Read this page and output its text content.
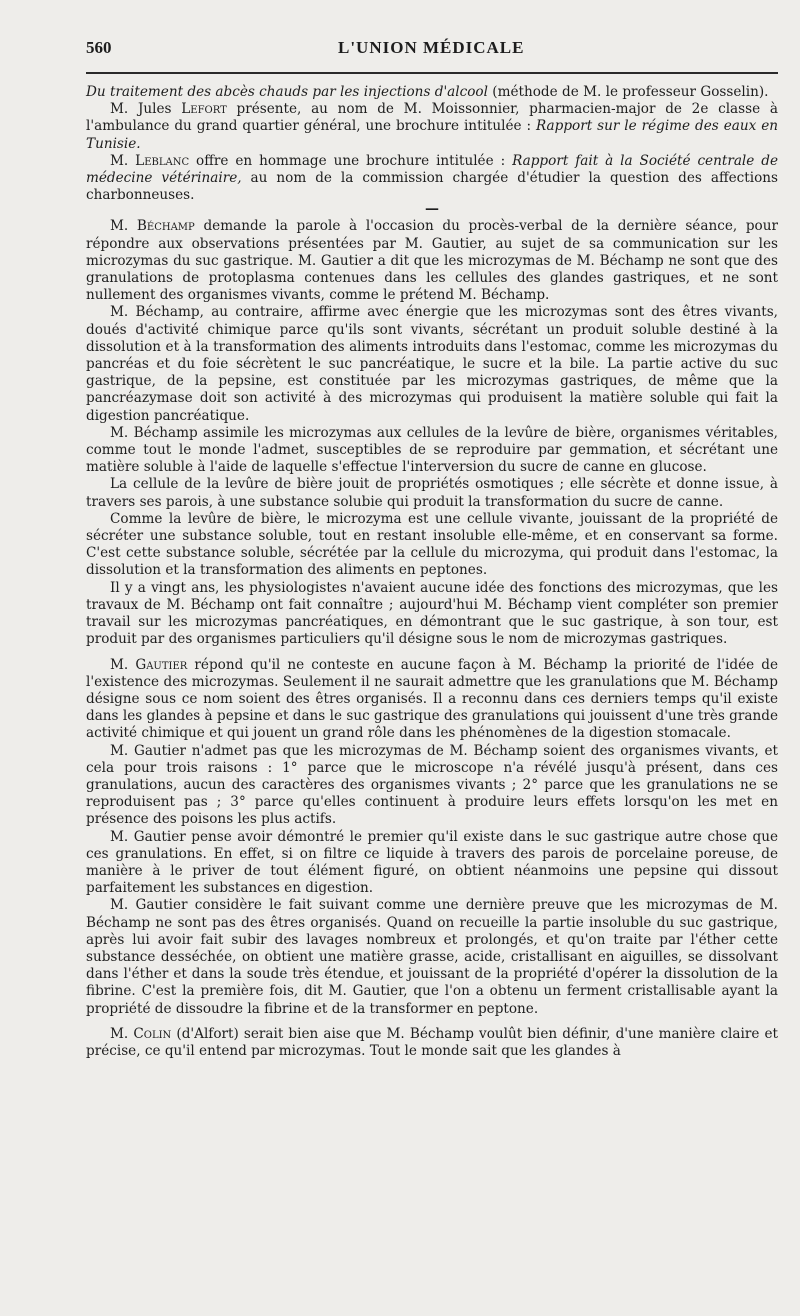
560	L'UNION MÉDICALE

Du traitement des abcès chauds par les injections d'alcool (méthode de M. le professeur Gosselin).

M. Jules Lefort présente, au nom de M. Moissonnier, pharmacien-major de 2e classe à l'ambulance du grand quartier général, une brochure intitulée : Rapport sur le régime des eaux en Tunisie.

M. Leblanc offre en hommage une brochure intitulée : Rapport fait à la Société centrale de médecine vétérinaire, au nom de la commission chargée d'étudier la question des affections charbonneuses.

—

M. Béchamp demande la parole à l'occasion du procès-verbal de la dernière séance, pour répondre aux observations présentées par M. Gautier, au sujet de sa communication sur les microzymas du suc gastrique. M. Gautier a dit que les microzymas de M. Béchamp ne sont que des granulations de protoplasma contenues dans les cellules des glandes gastriques, et ne sont nullement des organismes vivants, comme le prétend M. Béchamp.

M. Béchamp, au contraire, affirme avec énergie que les microzymas sont des êtres vivants, doués d'activité chimique parce qu'ils sont vivants, sécrétant un produit soluble destiné à la dissolution et à la transformation des aliments introduits dans l'estomac, comme les microzymas du pancréas et du foie sécrètent le suc pancréatique, le sucre et la bile. La partie active du suc gastrique, de la pepsine, est constituée par les microzymas gastriques, de même que la pancréazymase doit son activité à des microzymas qui produisent la matière soluble qui fait la digestion pancréatique.

M. Béchamp assimile les microzymas aux cellules de la levûre de bière, organismes véritables, comme tout le monde l'admet, susceptibles de se reproduire par gemmation, et sécrétant une matière soluble à l'aide de laquelle s'effectue l'interversion du sucre de canne en glucose.

La cellule de la levûre de bière jouit de propriétés osmotiques ; elle sécrète et donne issue, à travers ses parois, à une substance solubie qui produit la transformation du sucre de canne.

Comme la levûre de bière, le microzyma est une cellule vivante, jouissant de la propriété de sécréter une substance soluble, tout en restant insoluble elle-même, et en conservant sa forme. C'est cette substance soluble, sécrétée par la cellule du microzyma, qui produit dans l'estomac, la dissolution et la transformation des aliments en peptones.

Il y a vingt ans, les physiologistes n'avaient aucune idée des fonctions des microzymas, que les travaux de M. Béchamp ont fait connaître ; aujourd'hui M. Béchamp vient compléter son premier travail sur les microzymas pancréatiques, en démontrant que le suc gastrique, à son tour, est produit par des organismes particuliers qu'il désigne sous le nom de microzymas gastriques.

M. Gautier répond qu'il ne conteste en aucune façon à M. Béchamp la priorité de l'idée de l'existence des microzymas. Seulement il ne saurait admettre que les granulations que M. Béchamp désigne sous ce nom soient des êtres organisés. Il a reconnu dans ces derniers temps qu'il existe dans les glandes à pepsine et dans le suc gastrique des granulations qui jouissent d'une très grande activité chimique et qui jouent un grand rôle dans les phénomènes de la digestion stomacale.

M. Gautier n'admet pas que les microzymas de M. Béchamp soient des organismes vivants, et cela pour trois raisons : 1° parce que le microscope n'a révélé jusqu'à présent, dans ces granulations, aucun des caractères des organismes vivants ; 2° parce que les granulations ne se reproduisent pas ; 3° parce qu'elles continuent à produire leurs effets lorsqu'on les met en présence des poisons les plus actifs.

M. Gautier pense avoir démontré le premier qu'il existe dans le suc gastrique autre chose que ces granulations. En effet, si on filtre ce liquide à travers des parois de porcelaine poreuse, de manière à le priver de tout élément figuré, on obtient néanmoins une pepsine qui dissout parfaitement les substances en digestion.

M. Gautier considère le fait suivant comme une dernière preuve que les microzymas de M. Béchamp ne sont pas des êtres organisés. Quand on recueille la partie insoluble du suc gastrique, après lui avoir fait subir des lavages nombreux et prolongés, et qu'on traite par l'éther cette substance desséchée, on obtient une matière grasse, acide, cristallisant en aiguilles, se dissolvant dans l'éther et dans la soude très étendue, et jouissant de la propriété d'opérer la dissolution de la fibrine. C'est la première fois, dit M. Gautier, que l'on a obtenu un ferment cristallisable ayant la propriété de dissoudre la fibrine et de la transformer en peptone.

M. Colin (d'Alfort) serait bien aise que M. Béchamp voulût bien définir, d'une manière claire et précise, ce qu'il entend par microzymas. Tout le monde sait que les glandes à
